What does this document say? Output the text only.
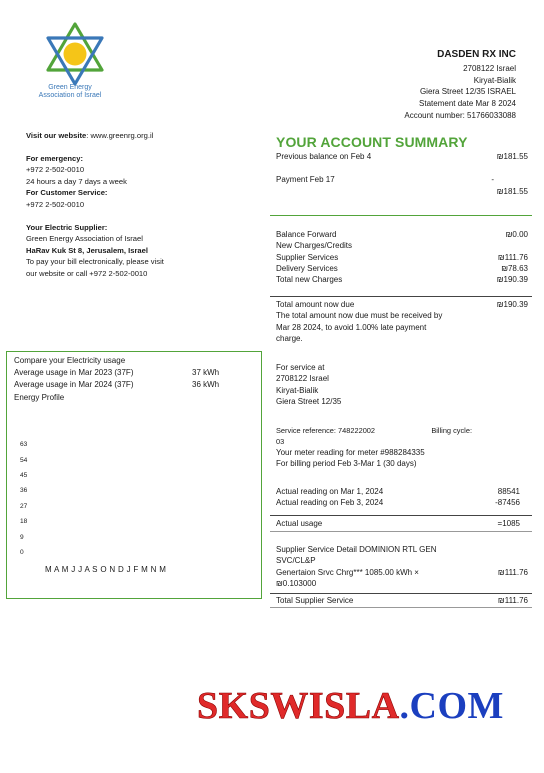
Green Energy
Association of Israel
DASDEN RX INC
2708122 Israel
Kiryat-Bialik
Giera Street 12/35 ISRAEL
Statement date Mar 8 2024
Account number: 51766033088
Visit our website: www.greenrg.org.il
For emergency:
+972 2-502-0010
24 hours a day 7 days a week
For Customer Service:
+972 2-502-0010
Your Electric Supplier:
Green Energy Association of Israel
HaRav Kuk St 8, Jerusalem, Israel
To pay your bill electronically, please visit
our website or call +972 2-502-0010
YOUR ACCOUNT SUMMARY
Previous balance on Feb 4	₪181.55
Payment Feb 17	-
₪181.55
Balance Forward	₪0.00
New Charges/Credits
Supplier Services	₪111.76
Delivery Services	₪78.63
Total new Charges	₪190.39
Total amount now due	₪190.39
The total amount now due must be received by
Mar 28 2024, to avoid 1.00% late payment
charge.
For service at
2708122 Israel
Kiryat-Bialik
Giera Street 12/35
Service reference: 748222002	Billing cycle:
03
Your meter reading for meter #988284335
For billing period Feb 3-Mar 1 (30 days)
Actual reading on Mar 1, 2024	88541
Actual reading on Feb 3, 2024	-87456
Actual usage	=1085
Supplier Service Detail DOMINION RTL GEN
SVC/CL&P
Genertaion Srvc Chrg*** 1085.00 kWh ×	₪111.76
₪0.103000
Total Supplier Service	₪111.76
Compare your Electricity usage
Average usage in Mar 2023 (37F)	37 kWh
Average usage in Mar 2024 (37F)	36 kWh
Energy Profile
63
54
45
36
27
18
9
0
M A M J J A S O N D J F M N M
SKSWISLA.COM
